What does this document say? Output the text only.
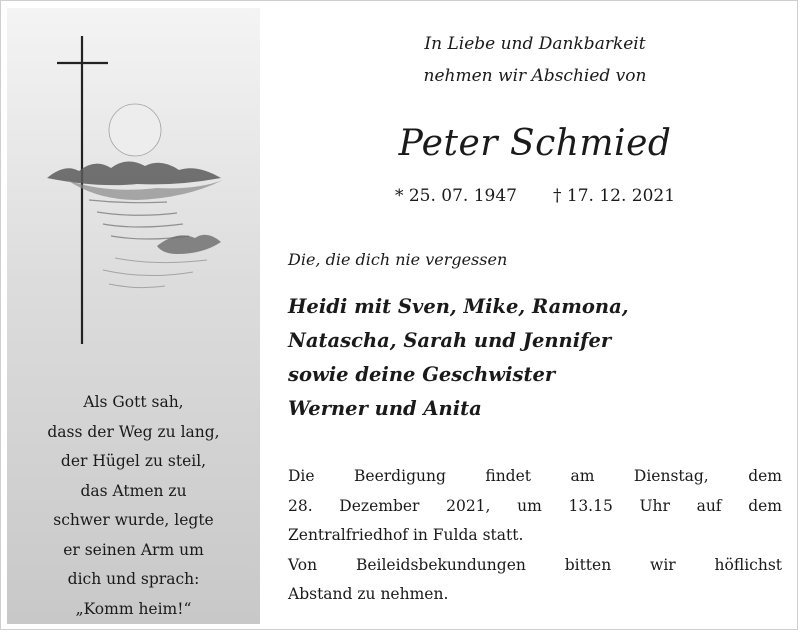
Als Gott sah,
dass der Weg zu lang,
der Hügel zu steil,
das Atmen zu
schwer wurde, legte
er seinen Arm um
dich und sprach:
„Komm heim!“
In Liebe und Dankbarkeit
nehmen wir Abschied von
Peter Schmied
* 25. 07. 1947 † 17. 12. 2021
Die, die dich nie vergessen
Heidi mit Sven, Mike, Ramona,
Natascha, Sarah und Jennifer
sowie deine Geschwister
Werner und Anita
Die Beerdigung findet am Dienstag, dem
28. Dezember 2021, um 13.15 Uhr auf dem
Zentralfriedhof in Fulda statt.
Von Beileidsbekundungen bitten wir höflichst
Abstand zu nehmen.
